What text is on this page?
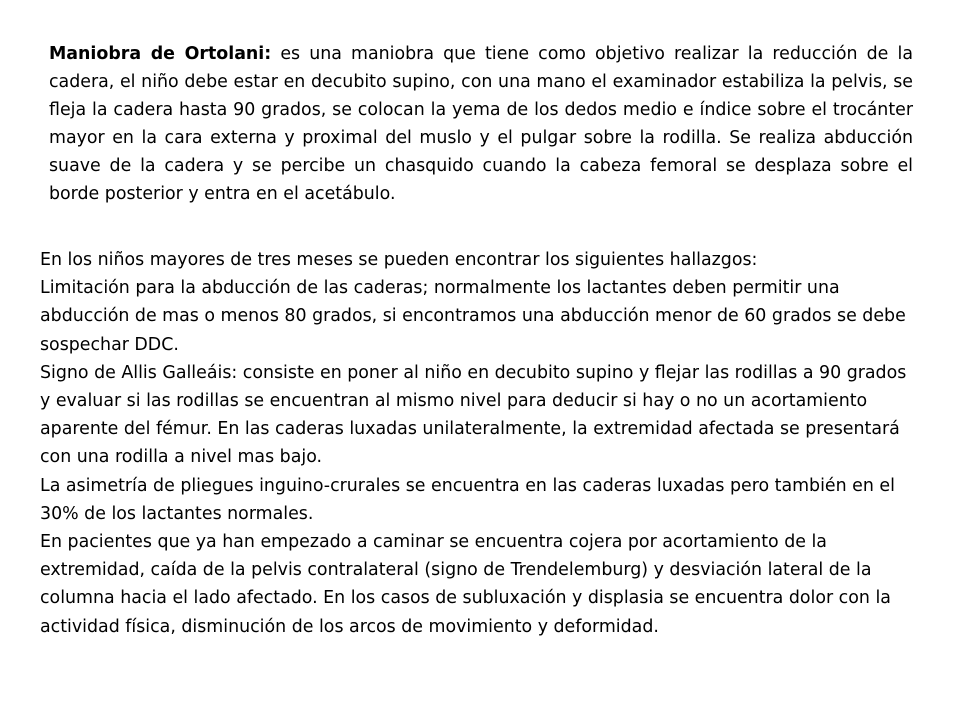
Maniobra de Ortolani: es una maniobra que tiene como objetivo realizar la reducción de la cadera, el niño debe estar en decubito supino, con una mano el examinador estabiliza la pelvis, se fleja la cadera hasta 90 grados, se colocan la yema de los dedos medio e índice sobre el trocánter mayor en la cara externa y proximal del muslo y el pulgar sobre la rodilla. Se realiza abducción suave de la cadera y se percibe un chasquido cuando la cabeza femoral se desplaza sobre el borde posterior y entra en el acetábulo.

En los niños mayores de tres meses se pueden encontrar los siguientes hallazgos:

Limitación para la abducción de las caderas; normalmente los lactantes deben permitir una abducción de mas o menos 80 grados, si encontramos una abducción menor de 60 grados se debe sospechar DDC.

Signo de Allis Galleáis: consiste en poner al niño en decubito supino y flejar las rodillas a 90 grados y evaluar si las rodillas se encuentran al mismo nivel para deducir si hay o no un acortamiento aparente del fémur. En las caderas luxadas unilateralmente, la extremidad afectada se presentará con una rodilla a nivel mas bajo.

La asimetría de pliegues inguino-crurales se encuentra en las caderas luxadas pero también en el 30% de los lactantes normales.

En pacientes que ya han empezado a caminar se encuentra cojera por acortamiento de la extremidad, caída de la pelvis contralateral (signo de Trendelemburg) y desviación lateral de la columna hacia el lado afectado. En los casos de subluxación y displasia se encuentra dolor con la actividad física, disminución de los arcos de movimiento y deformidad.
